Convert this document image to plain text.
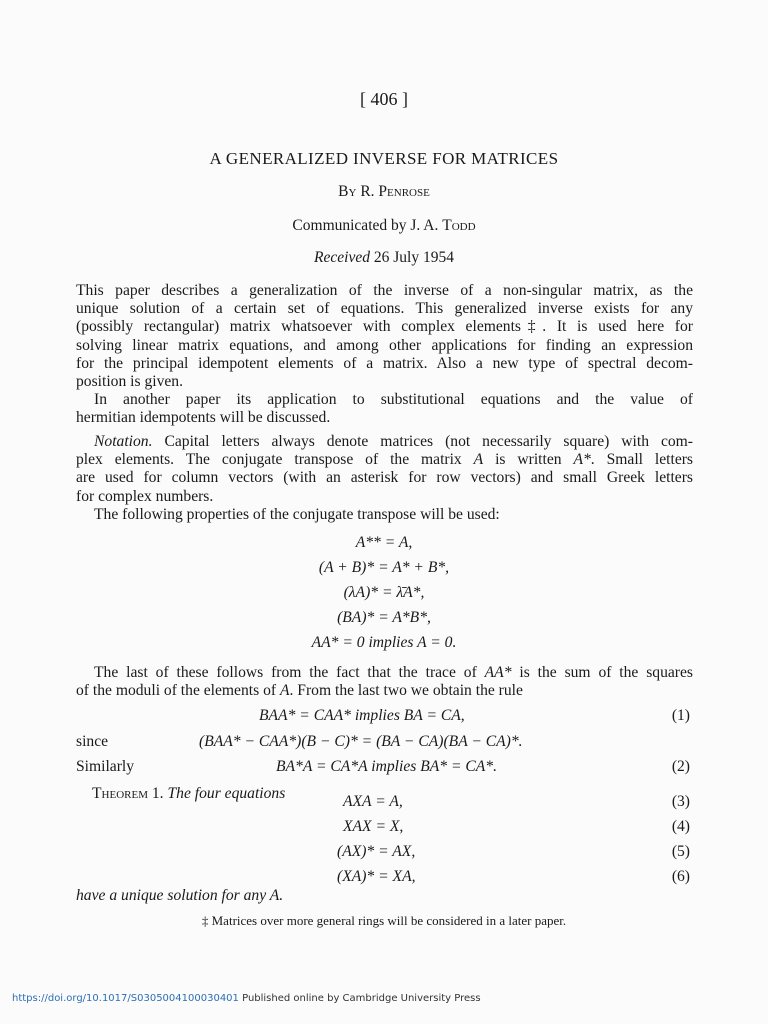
[ 406 ]
A GENERALIZED INVERSE FOR MATRICES
By R. Penrose
Communicated by J. A. Todd
Received 26 July 1954
This paper describes a generalization of the inverse of a non-singular matrix, as the
unique solution of a certain set of equations. This generalized inverse exists for any
(possibly rectangular) matrix whatsoever with complex elements‡. It is used here for
solving linear matrix equations, and among other applications for finding an expression
for the principal idempotent elements of a matrix. Also a new type of spectral decom-
position is given.
In another paper its application to substitutional equations and the value of
hermitian idempotents will be discussed.
Notation. Capital letters always denote matrices (not necessarily square) with com-
plex elements. The conjugate transpose of the matrix A is written A*. Small letters
are used for column vectors (with an asterisk for row vectors) and small Greek letters
for complex numbers.
The following properties of the conjugate transpose will be used:
A** = A,
(A + B)* = A* + B*,
(λA)* = λ̄A*,
(BA)* = A*B*,
AA* = 0 implies A = 0.
The last of these follows from the fact that the trace of AA* is the sum of the squares
of the moduli of the elements of A. From the last two we obtain the rule
BAA* = CAA* implies BA = CA,	(1)
since	(BAA* − CAA*)(B − C)* = (BA − CA)(BA − CA)*.
Similarly	BA*A = CA*A implies BA* = CA*.	(2)
Theorem 1. The four equations	AXA = A,	(3)
XAX = X,	(4)
(AX)* = AX,	(5)
(XA)* = XA,	(6)
have a unique solution for any A.
‡ Matrices over more general rings will be considered in a later paper.
https://doi.org/10.1017/S0305004100030401 Published online by Cambridge University Press
